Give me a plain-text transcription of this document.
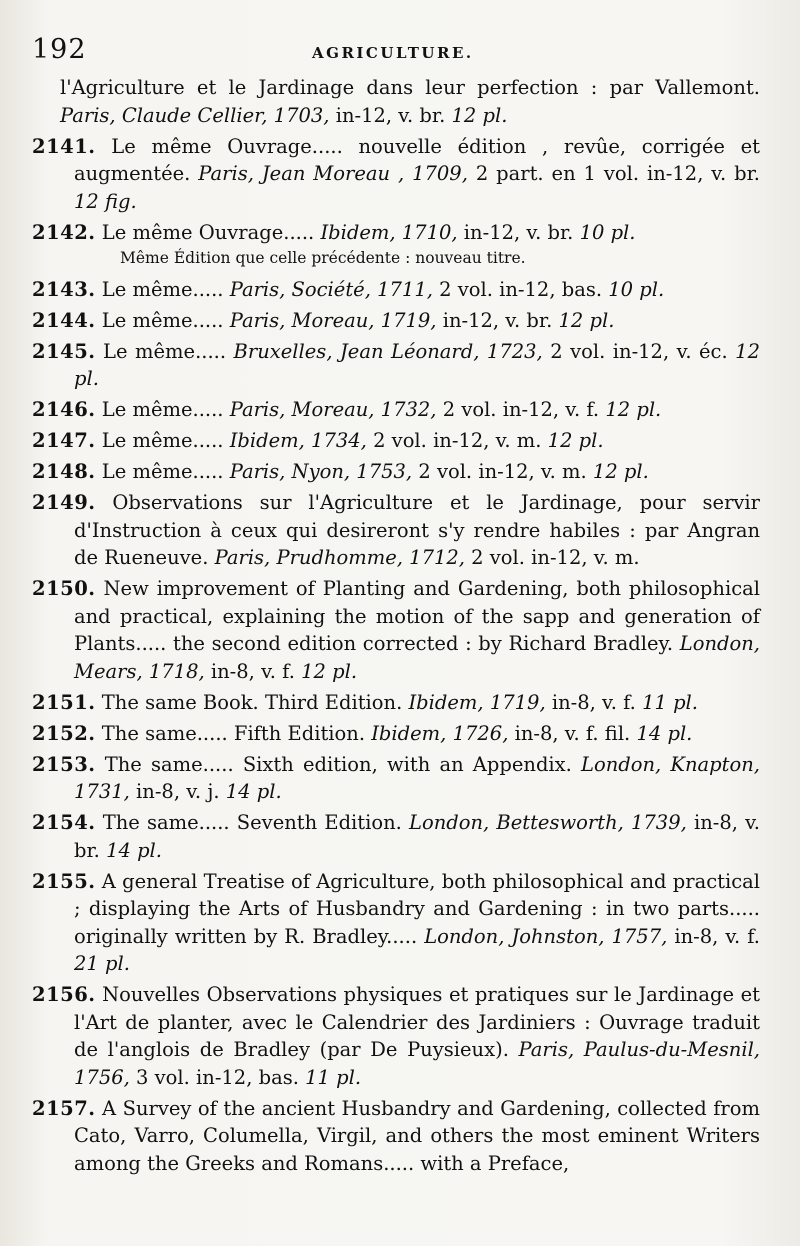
192	AGRICULTURE.
l'Agriculture et le Jardinage dans leur perfection : par Vallemont. Paris, Claude Cellier, 1703, in-12, v. br. 12 pl.
2141. Le même Ouvrage..... nouvelle édition , revûe, corrigée et augmentée. Paris, Jean Moreau , 1709, 2 part. en 1 vol. in-12, v. br. 12 fig.
2142. Le même Ouvrage..... Ibidem, 1710, in-12, v. br. 10 pl.
Même Édition que celle précédente : nouveau titre.
2143. Le même..... Paris, Société, 1711, 2 vol. in-12, bas. 10 pl.
2144. Le même..... Paris, Moreau, 1719, in-12, v. br. 12 pl.
2145. Le même..... Bruxelles, Jean Léonard, 1723, 2 vol. in-12, v. éc. 12 pl.
2146. Le même..... Paris, Moreau, 1732, 2 vol. in-12, v. f. 12 pl.
2147. Le même..... Ibidem, 1734, 2 vol. in-12, v. m. 12 pl.
2148. Le même..... Paris, Nyon, 1753, 2 vol. in-12, v. m. 12 pl.
2149. Observations sur l'Agriculture et le Jardinage, pour servir d'Instruction à ceux qui desireront s'y rendre habiles : par Angran de Rueneuve. Paris, Prudhomme, 1712, 2 vol. in-12, v. m.
2150. New improvement of Planting and Gardening, both philosophical and practical, explaining the motion of the sapp and generation of Plants..... the second edition corrected : by Richard Bradley. London, Mears, 1718, in-8, v. f. 12 pl.
2151. The same Book. Third Edition. Ibidem, 1719, in-8, v. f. 11 pl.
2152. The same..... Fifth Edition. Ibidem, 1726, in-8, v. f. fil. 14 pl.
2153. The same..... Sixth edition, with an Appendix. London, Knapton, 1731, in-8, v. j. 14 pl.
2154. The same..... Seventh Edition. London, Bettesworth, 1739, in-8, v. br. 14 pl.
2155. A general Treatise of Agriculture, both philosophical and practical ; displaying the Arts of Husbandry and Gardening : in two parts..... originally written by R. Bradley..... London, Johnston, 1757, in-8, v. f. 21 pl.
2156. Nouvelles Observations physiques et pratiques sur le Jardinage et l'Art de planter, avec le Calendrier des Jardiniers : Ouvrage traduit de l'anglois de Bradley (par De Puysieux). Paris, Paulus-du-Mesnil, 1756, 3 vol. in-12, bas. 11 pl.
2157. A Survey of the ancient Husbandry and Gardening, collected from Cato, Varro, Columella, Virgil, and others the most eminent Writers among the Greeks and Romans..... with a Preface,
